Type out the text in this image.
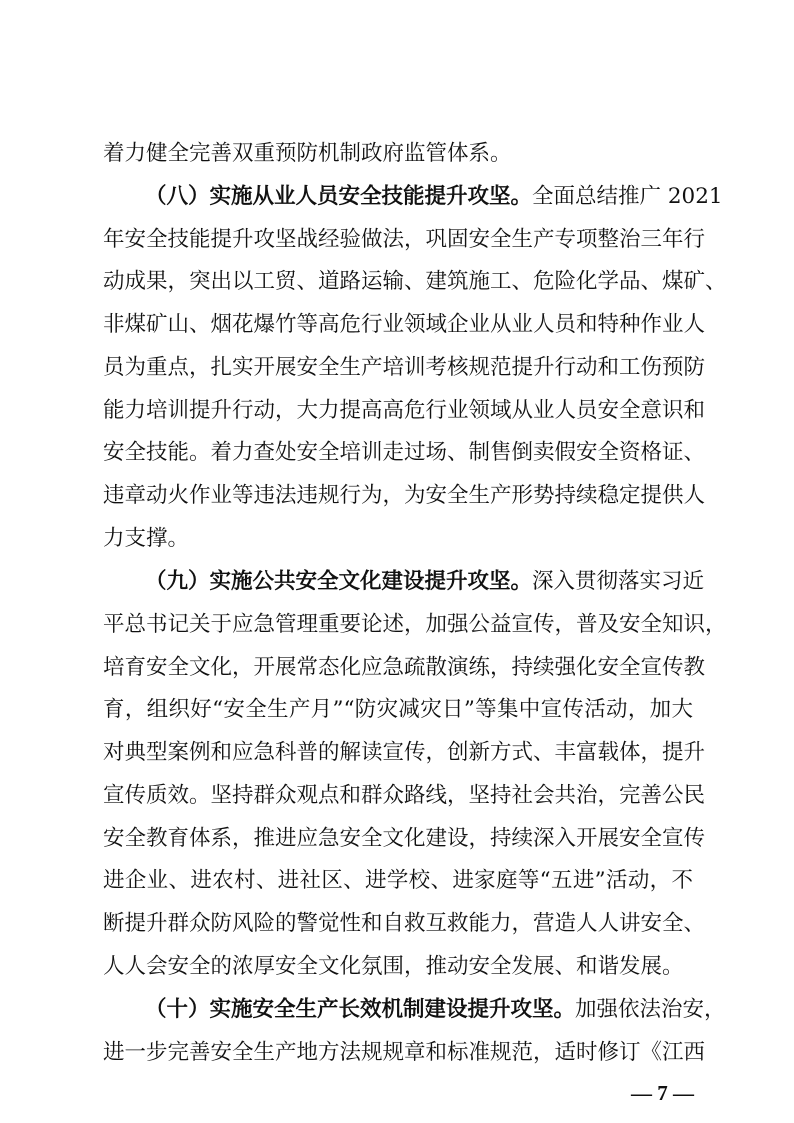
着力健全完善双重预防机制政府监管体系。
（八）实施从业人员安全技能提升攻坚。全面总结推广 2021
年安全技能提升攻坚战经验做法，巩固安全生产专项整治三年行
动成果，突出以工贸、道路运输、建筑施工、危险化学品、煤矿、
非煤矿山、烟花爆竹等高危行业领域企业从业人员和特种作业人
员为重点，扎实开展安全生产培训考核规范提升行动和工伤预防
能力培训提升行动，大力提高高危行业领域从业人员安全意识和
安全技能。着力查处安全培训走过场、制售倒卖假安全资格证、
违章动火作业等违法违规行为，为安全生产形势持续稳定提供人
力支撑。
（九）实施公共安全文化建设提升攻坚。深入贯彻落实习近
平总书记关于应急管理重要论述，加强公益宣传，普及安全知识，
培育安全文化，开展常态化应急疏散演练，持续强化安全宣传教
育，组织好“安全生产月”“防灾减灾日”等集中宣传活动，加大
对典型案例和应急科普的解读宣传，创新方式、丰富载体，提升
宣传质效。坚持群众观点和群众路线，坚持社会共治，完善公民
安全教育体系，推进应急安全文化建设，持续深入开展安全宣传
进企业、进农村、进社区、进学校、进家庭等“五进”活动，不
断提升群众防风险的警觉性和自救互救能力，营造人人讲安全、
人人会安全的浓厚安全文化氛围，推动安全发展、和谐发展。
（十）实施安全生产长效机制建设提升攻坚。加强依法治安，
进一步完善安全生产地方法规规章和标准规范，适时修订《江西
— 7 —
